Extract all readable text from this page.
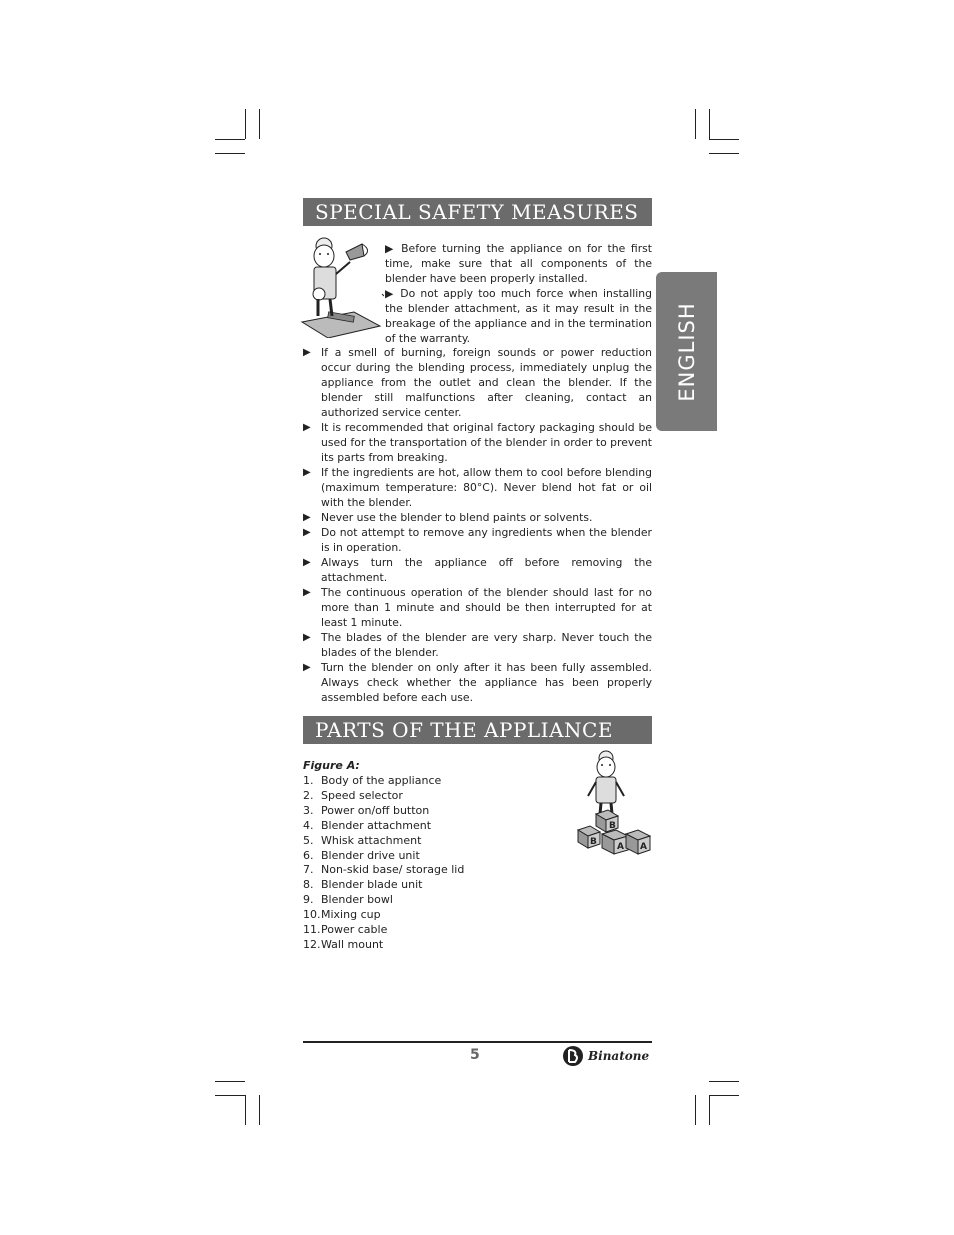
ENGLISH
SPECIAL SAFETY MEASURES
▶ Before turning the appliance on for the first time, make sure that all components of the blender have been properly installed.
▶ Do not apply too much force when installing the blender attachment, as it may result in the breakage of the appliance and in the termination of the warranty.
▶ If a smell of burning, foreign sounds or power reduction occur during the blending process, immediately unplug the appliance from the outlet and clean the blender. If the blender still malfunctions after cleaning, contact an authorized service center.
▶ It is recommended that original factory packaging should be used for the transportation of the blender in order to prevent its parts from breaking.
▶ If the ingredients are hot, allow them to cool before blending (maximum temperature: 80°C). Never blend hot fat or oil with the blender.
▶ Never use the blender to blend paints or solvents.
▶ Do not attempt to remove any ingredients when the blender is in operation.
▶ Always turn the appliance off before removing the attachment.
▶ The continuous operation of the blender should last for no more than 1 minute and should be then interrupted for at least 1 minute.
▶ The blades of the blender are very sharp. Never touch the blades of the blender.
▶ Turn the blender on only after it has been fully assembled. Always check whether the appliance has been properly assembled before each use.
PARTS OF THE APPLIANCE
Figure A:
1. Body of the appliance
2. Speed selector
3. Power on/off button
4. Blender attachment
5. Whisk attachment
6. Blender drive unit
7. Non-skid base/ storage lid
8. Blender blade unit
9. Blender bowl
10.Mixing cup
11.Power cable
12.Wall mount
B
B A A
5	Binatone
